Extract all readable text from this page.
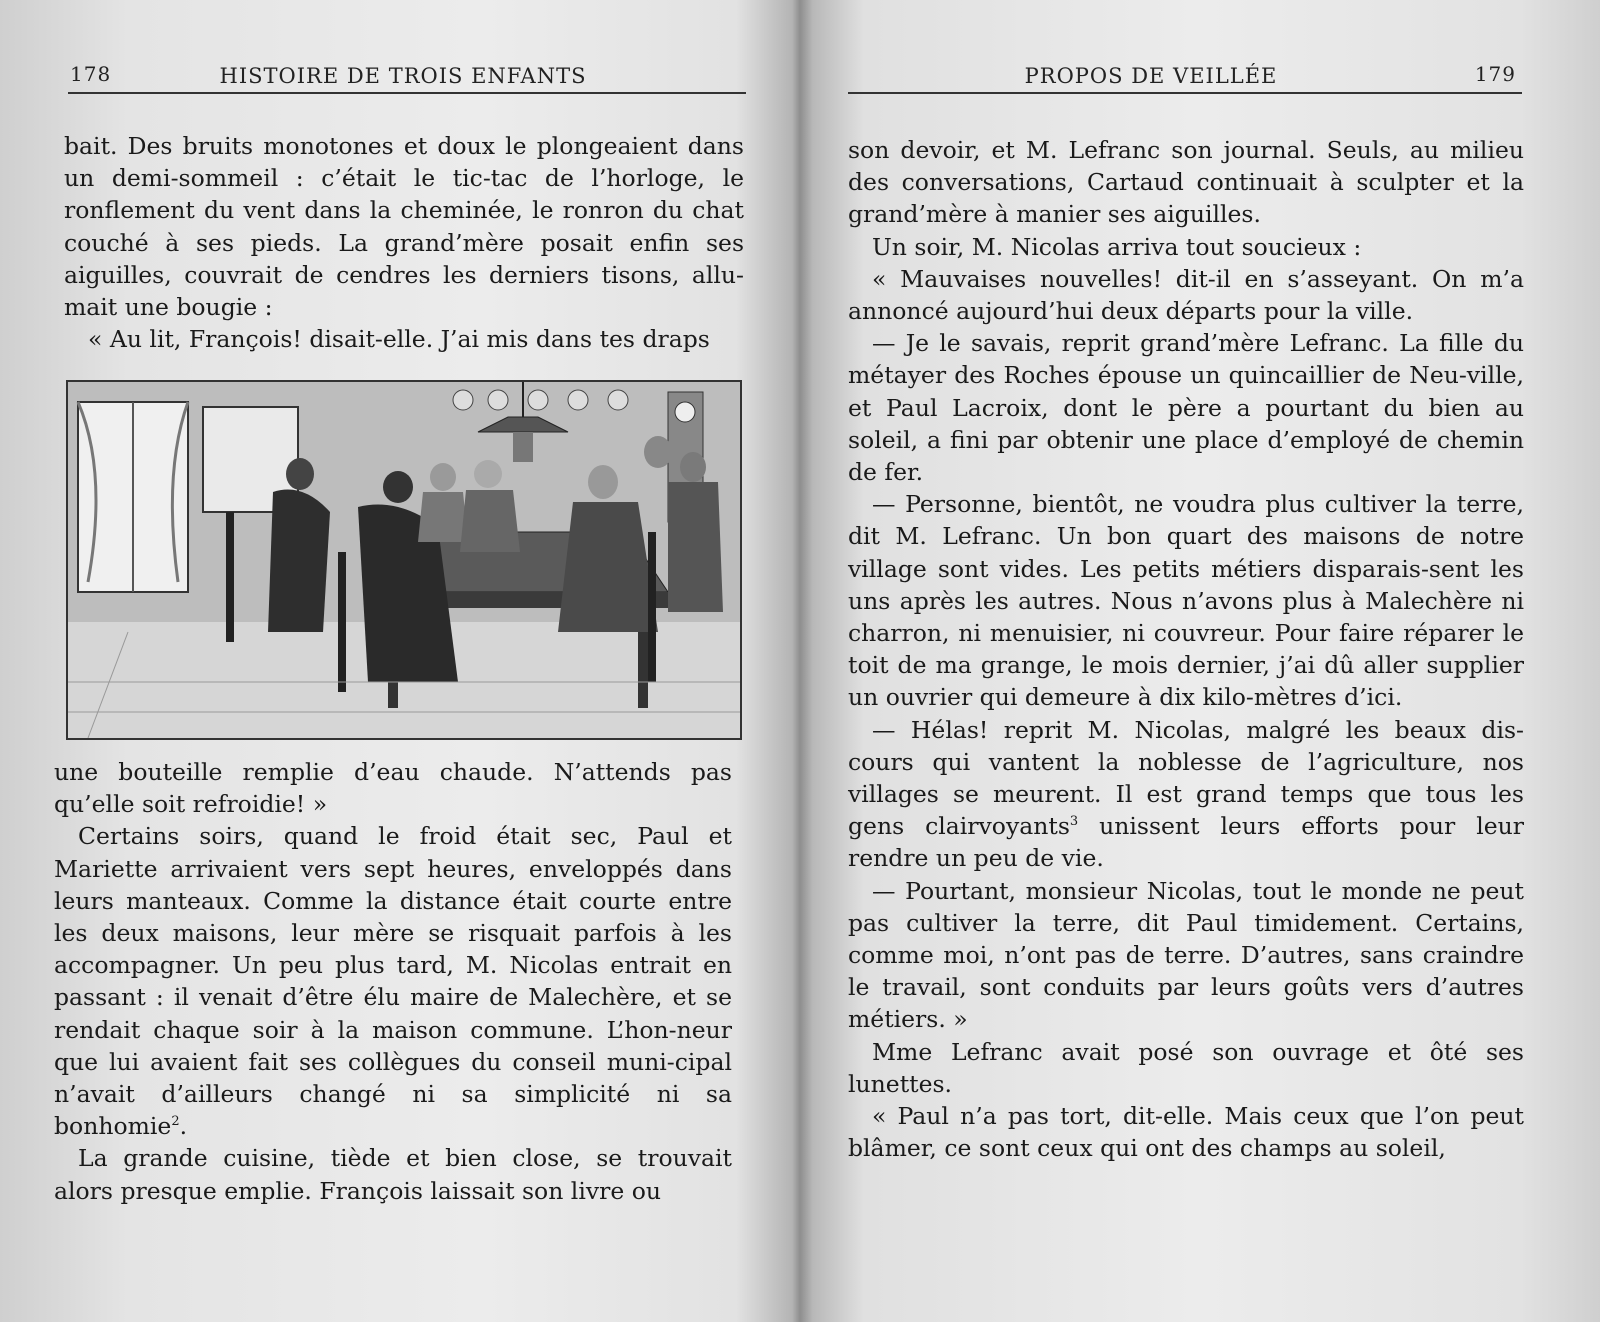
178	HISTOIRE DE TROIS ENFANTS

bait. Des bruits monotones et doux le plongeaient dans un demi-sommeil : c’était le tic-tac de l’horloge, le ronflement du vent dans la cheminée, le ronron du chat couché à ses pieds. La grand’mère posait enfin ses aiguilles, couvrait de cendres les derniers tisons, allu-mait une bougie :

« Au lit, François! disait-elle. J’ai mis dans tes draps

une bouteille remplie d’eau chaude. N’attends pas qu’elle soit refroidie! »

Certains soirs, quand le froid était sec, Paul et Mariette arrivaient vers sept heures, enveloppés dans leurs manteaux. Comme la distance était courte entre les deux maisons, leur mère se risquait parfois à les accompagner. Un peu plus tard, M. Nicolas entrait en passant : il venait d’être élu maire de Malechère, et se rendait chaque soir à la maison commune. L’hon-neur que lui avaient fait ses collègues du conseil muni-cipal n’avait d’ailleurs changé ni sa simplicité ni sa bonhomie$^2$.

La grande cuisine, tiède et bien close, se trouvait alors presque emplie. François laissait son livre ou

PROPOS DE VEILLÉE	179

son devoir, et M. Lefranc son journal. Seuls, au milieu des conversations, Cartaud continuait à sculpter et la grand’mère à manier ses aiguilles.

Un soir, M. Nicolas arriva tout soucieux :

« Mauvaises nouvelles! dit-il en s’asseyant. On m’a annoncé aujourd’hui deux départs pour la ville.

— Je le savais, reprit grand’mère Lefranc. La fille du métayer des Roches épouse un quincaillier de Neu-ville, et Paul Lacroix, dont le père a pourtant du bien au soleil, a fini par obtenir une place d’employé de chemin de fer.

— Personne, bientôt, ne voudra plus cultiver la terre, dit M. Lefranc. Un bon quart des maisons de notre village sont vides. Les petits métiers disparais-sent les uns après les autres. Nous n’avons plus à Malechère ni charron, ni menuisier, ni couvreur. Pour faire réparer le toit de ma grange, le mois dernier, j’ai dû aller supplier un ouvrier qui demeure à dix kilo-mètres d’ici.

— Hélas! reprit M. Nicolas, malgré les beaux dis-cours qui vantent la noblesse de l’agriculture, nos villages se meurent. Il est grand temps que tous les gens clairvoyants$^3$ unissent leurs efforts pour leur rendre un peu de vie.

— Pourtant, monsieur Nicolas, tout le monde ne peut pas cultiver la terre, dit Paul timidement. Certains, comme moi, n’ont pas de terre. D’autres, sans craindre le travail, sont conduits par leurs goûts vers d’autres métiers. »

Mme Lefranc avait posé son ouvrage et ôté ses lunettes.

« Paul n’a pas tort, dit-elle. Mais ceux que l’on peut blâmer, ce sont ceux qui ont des champs au soleil,
